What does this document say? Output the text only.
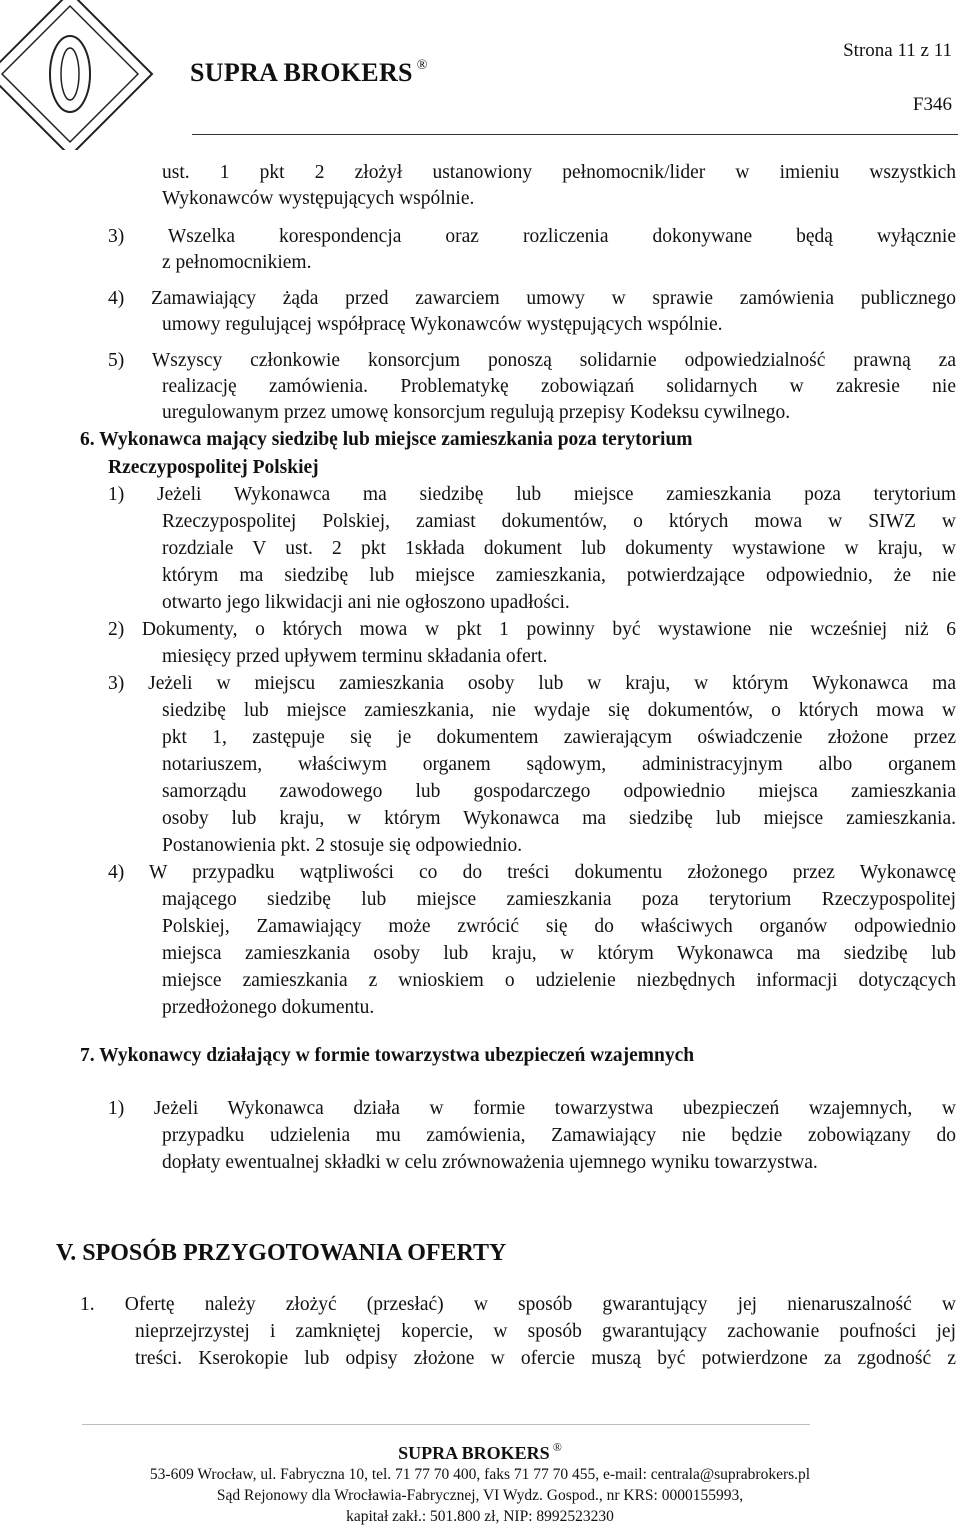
SUPRA BROKERS ®
Strona 11 z 11
F346
ust. 1 pkt 2 złożył ustanowiony pełnomocnik/lider w imieniu wszystkich
Wykonawców występujących wspólnie.
3) Wszelka korespondencja oraz rozliczenia dokonywane będą wyłącznie
z pełnomocnikiem.
4) Zamawiający żąda przed zawarciem umowy w sprawie zamówienia publicznego
umowy regulującej współpracę Wykonawców występujących wspólnie.
5) Wszyscy członkowie konsorcjum ponoszą solidarnie odpowiedzialność prawną za
realizację zamówienia. Problematykę zobowiązań solidarnych w zakresie nie
uregulowanym przez umowę konsorcjum regulują przepisy Kodeksu cywilnego.
6. Wykonawca mający siedzibę lub miejsce zamieszkania poza terytorium
Rzeczypospolitej Polskiej
1) Jeżeli Wykonawca ma siedzibę lub miejsce zamieszkania poza terytorium
Rzeczypospolitej Polskiej, zamiast dokumentów, o których mowa w SIWZ w
rozdziale V ust. 2 pkt 1składa dokument lub dokumenty wystawione w kraju, w
którym ma siedzibę lub miejsce zamieszkania, potwierdzające odpowiednio, że nie
otwarto jego likwidacji ani nie ogłoszono upadłości.
2) Dokumenty, o których mowa w pkt 1 powinny być wystawione nie wcześniej niż 6
miesięcy przed upływem terminu składania ofert.
3) Jeżeli w miejscu zamieszkania osoby lub w kraju, w którym Wykonawca ma
siedzibę lub miejsce zamieszkania, nie wydaje się dokumentów, o których mowa w
pkt 1, zastępuje się je dokumentem zawierającym oświadczenie złożone przez
notariuszem, właściwym organem sądowym, administracyjnym albo organem
samorządu zawodowego lub gospodarczego odpowiednio miejsca zamieszkania
osoby lub kraju, w którym Wykonawca ma siedzibę lub miejsce zamieszkania.
Postanowienia pkt. 2 stosuje się odpowiednio.
4) W przypadku wątpliwości co do treści dokumentu złożonego przez Wykonawcę
mającego siedzibę lub miejsce zamieszkania poza terytorium Rzeczypospolitej
Polskiej, Zamawiający może zwrócić się do właściwych organów odpowiednio
miejsca zamieszkania osoby lub kraju, w którym Wykonawca ma siedzibę lub
miejsce zamieszkania z wnioskiem o udzielenie niezbędnych informacji dotyczących
przedłożonego dokumentu.
7. Wykonawcy działający w formie towarzystwa ubezpieczeń wzajemnych
1) Jeżeli Wykonawca działa w formie towarzystwa ubezpieczeń wzajemnych, w
przypadku udzielenia mu zamówienia, Zamawiający nie będzie zobowiązany do
dopłaty ewentualnej składki w celu zrównoważenia ujemnego wyniku towarzystwa.
V. SPOSÓB PRZYGOTOWANIA OFERTY
1. Ofertę należy złożyć (przesłać) w sposób gwarantujący jej nienaruszalność w
nieprzejrzystej i zamkniętej kopercie, w sposób gwarantujący zachowanie poufności jej
treści. Kserokopie lub odpisy złożone w ofercie muszą być potwierdzone za zgodność z
SUPRA BROKERS ®
53-609 Wrocław, ul. Fabryczna 10, tel. 71 77 70 400, faks 71 77 70 455, e-mail: centrala@suprabrokers.pl
Sąd Rejonowy dla Wrocławia-Fabrycznej, VI Wydz. Gospod., nr KRS: 0000155993,
kapitał zakł.: 501.800 zł, NIP: 8992523230
